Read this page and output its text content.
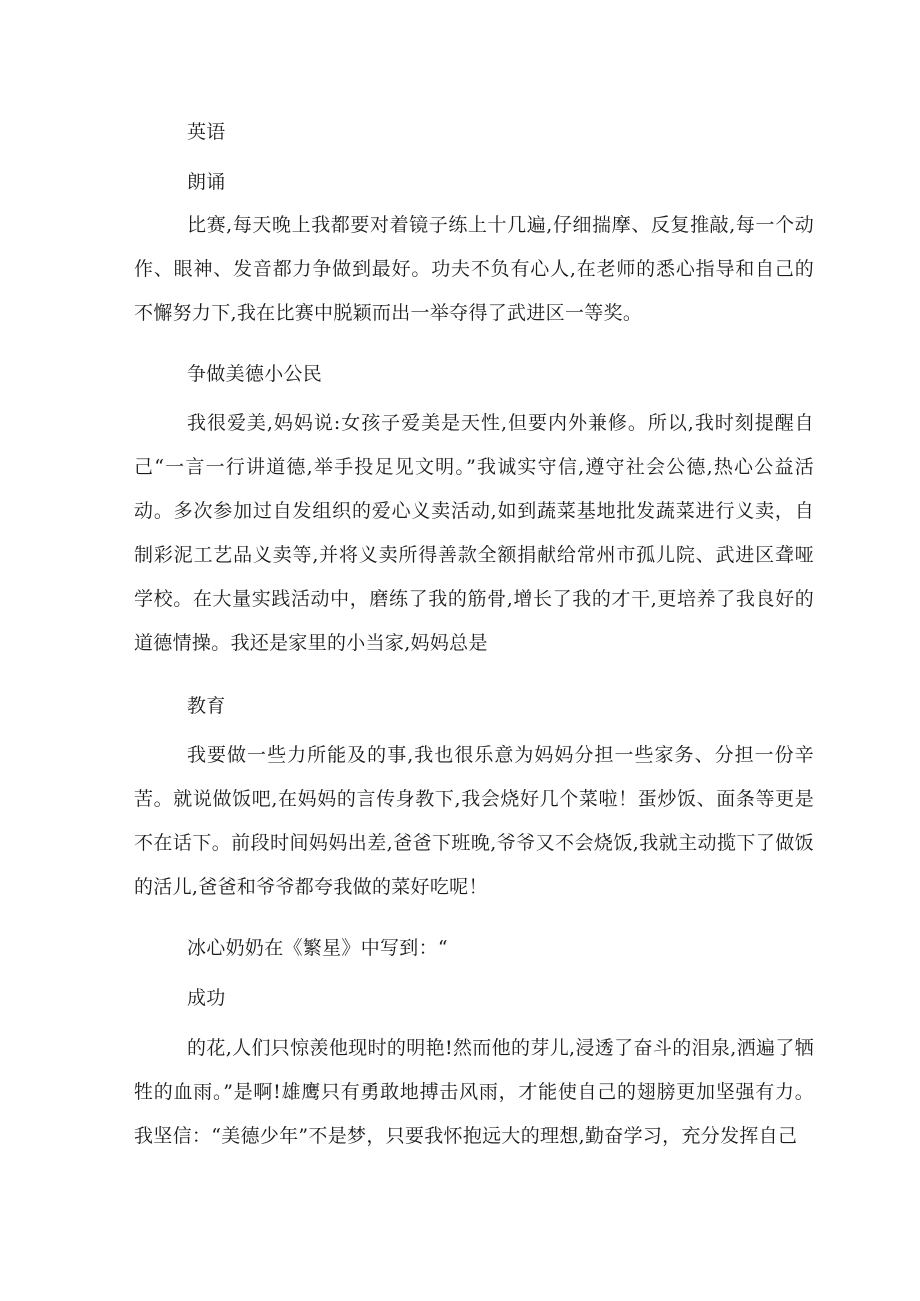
英语

朗诵

比赛,每天晚上我都要对着镜子练上十几遍,仔细揣摩、反复推敲,每一个动作、眼神、发音都力争做到最好。功夫不负有心人,在老师的悉心指导和自己的不懈努力下,我在比赛中脱颖而出一举夺得了武进区一等奖。

争做美德小公民

我很爱美,妈妈说:女孩子爱美是天性,但要内外兼修。所以,我时刻提醒自己“一言一行讲道德,举手投足见文明。”我诚实守信,遵守社会公德,热心公益活动。多次参加过自发组织的爱心义卖活动,如到蔬菜基地批发蔬菜进行义卖，自制彩泥工艺品义卖等,并将义卖所得善款全额捐献给常州市孤儿院、武进区聋哑学校。在大量实践活动中，磨练了我的筋骨,增长了我的才干,更培养了我良好的道德情操。我还是家里的小当家,妈妈总是

教育

我要做一些力所能及的事,我也很乐意为妈妈分担一些家务、分担一份辛苦。就说做饭吧,在妈妈的言传身教下,我会烧好几个菜啦！蛋炒饭、面条等更是不在话下。前段时间妈妈出差,爸爸下班晚,爷爷又不会烧饭,我就主动揽下了做饭的活儿,爸爸和爷爷都夸我做的菜好吃呢！

冰心奶奶在《繁星》中写到：“

成功

的花,人们只惊羡他现时的明艳!然而他的芽儿,浸透了奋斗的泪泉,洒遍了牺牲的血雨。”是啊!雄鹰只有勇敢地搏击风雨，才能使自己的翅膀更加坚强有力。我坚信：“美德少年”不是梦，只要我怀抱远大的理想,勤奋学习，充分发挥自己
